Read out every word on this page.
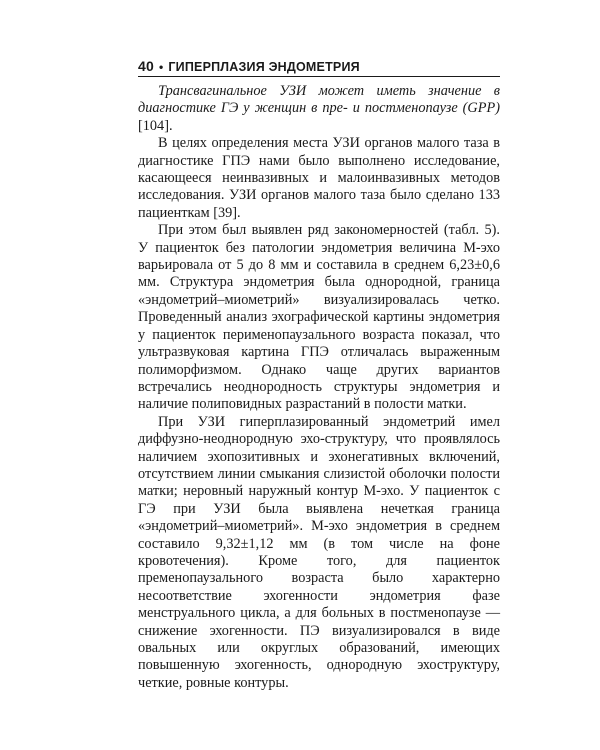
40 • ГИПЕРПЛАЗИЯ ЭНДОМЕТРИЯ

Трансвагинальное УЗИ может иметь значение в диагностике ГЭ у женщин в пре- и постменопаузе (GPP) [104].

В целях определения места УЗИ органов малого таза в диагностике ГПЭ нами было выполнено исследование, касающееся неинвазивных и малоинвазивных методов исследования. УЗИ органов малого таза было сделано 133 пациенткам [39].

При этом был выявлен ряд закономерностей (табл. 5). У пациенток без патологии эндометрия величина М-эхо варьировала от 5 до 8 мм и составила в среднем 6,23±0,6 мм. Структура эндометрия была однородной, граница «эндометрий–миометрий» визуализировалась четко. Проведенный анализ эхографической картины эндометрия у пациенток перименопаузального возраста показал, что ультразвуковая картина ГПЭ отличалась выраженным полиморфизмом. Однако чаще других вариантов встречались неоднородность структуры эндометрия и наличие полиповидных разрастаний в полости матки.

При УЗИ гиперплазированный эндометрий имел диффузно-неоднородную эхо-структуру, что проявлялось наличием эхопозитивных и эхонегативных включений, отсутствием линии смыкания слизистой оболочки полости матки; неровный наружный контур М-эхо. У пациенток с ГЭ при УЗИ была выявлена нечеткая граница «эндометрий–миометрий». М-эхо эндометрия в среднем составило 9,32±1,12 мм (в том числе на фоне кровотечения). Кроме того, для пациенток пременопаузального возраста было характерно несоответствие эхогенности эндометрия фазе менструального цикла, а для больных в постменопаузе — снижение эхогенности. ПЭ визуализировался в виде овальных или округлых образований, имеющих повышенную эхогенность, однородную эхоструктуру, четкие, ровные контуры.
